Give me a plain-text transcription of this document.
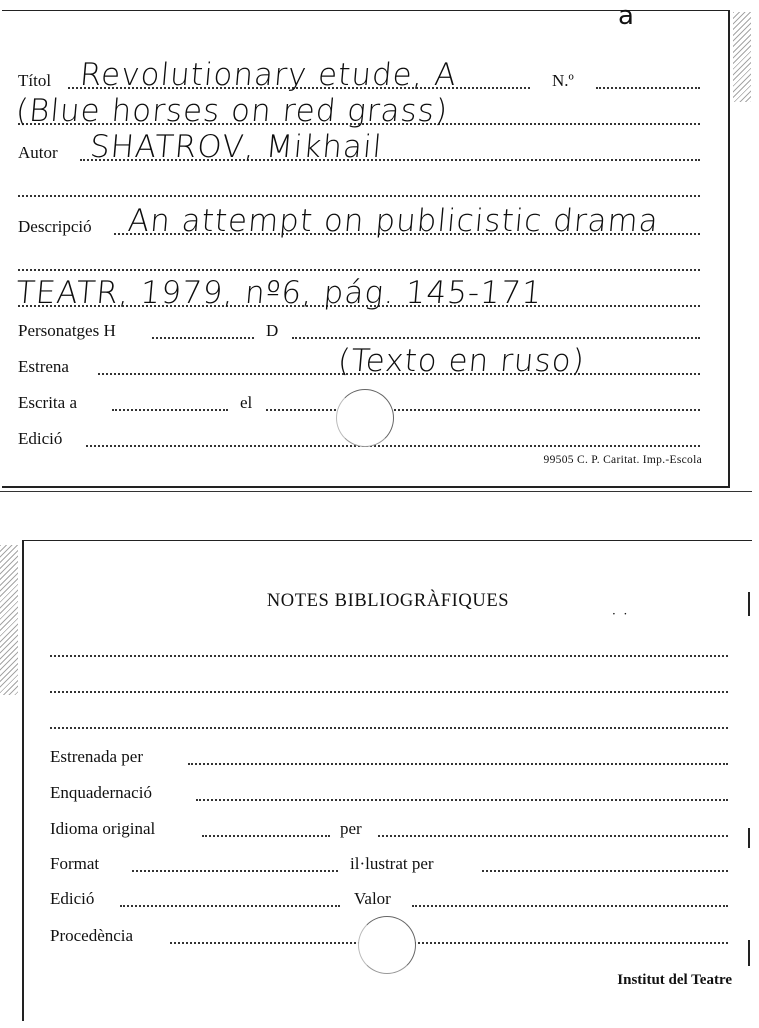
a
Títol Revolutionary etude, A	N.º
(Blue horses on red grass)
Autor SHATROV, Mikhail
Descripció An attempt on publicistic drama
TEATR, 1979, nº6, pág. 145-171
Personatges H	D
Estrena	(Texto en ruso)
Escrita a	el
Edició
99505 C. P. Caritat. Imp.-Escola
NOTES BIBLIOGRÀFIQUES
·  ·
Estrenada per
Enquadernació
Idioma original	per
Format	il·lustrat per
Edició	Valor
Procedència
Institut del Teatre
